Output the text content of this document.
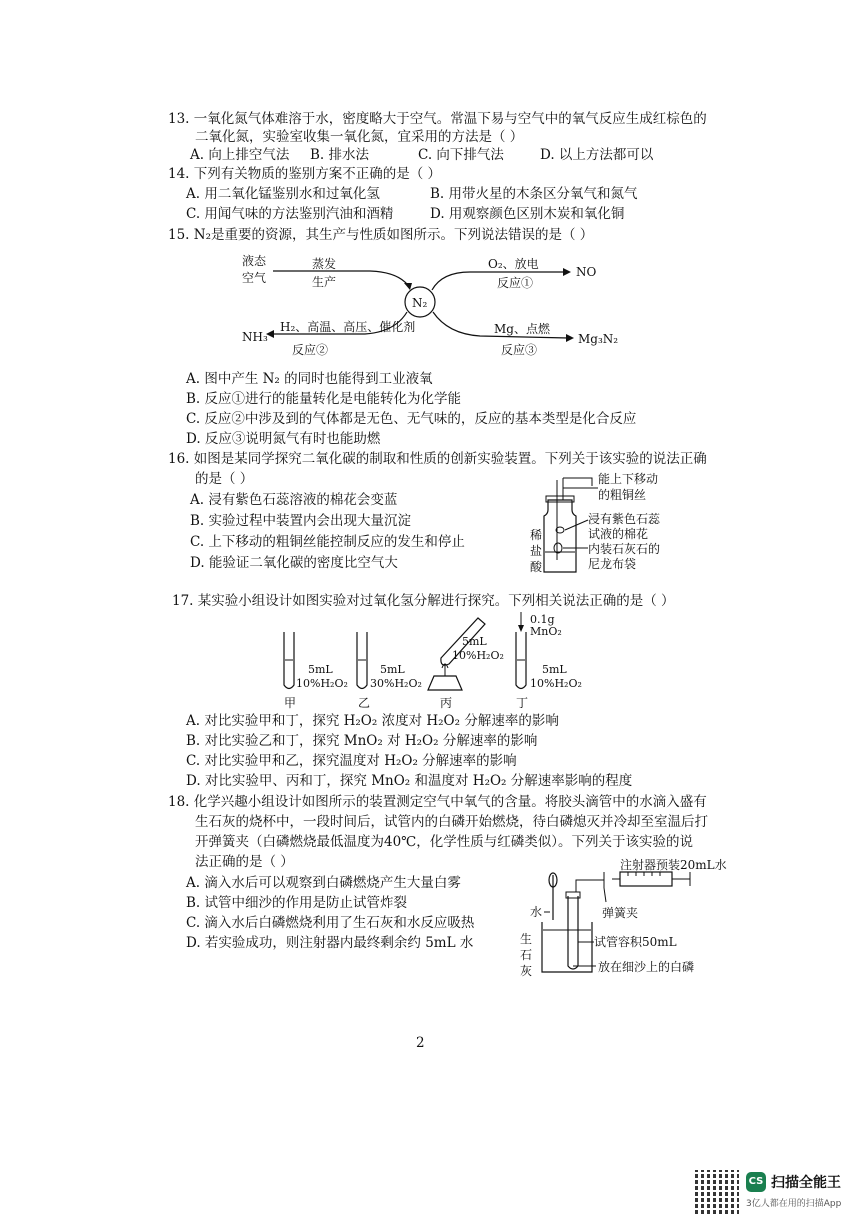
13. 一氧化氮气体难溶于水，密度略大于空气。常温下易与空气中的氧气反应生成红棕色的
二氧化氮，实验室收集一氧化氮，宜采用的方法是（ ）
A. 向上排空气法 B. 排水法	C. 向下排气法	D. 以上方法都可以
14. 下列有关物质的鉴别方案不正确的是（ ）
A. 用二氧化锰鉴别水和过氧化氢	B. 用带火星的木条区分氧气和氮气
C. 用闻气味的方法鉴别汽油和酒精	D. 用观察颜色区别木炭和氧化铜
15. N₂是重要的资源，其生产与性质如图所示。下列说法错误的是（ ）
液态
空气
蒸发
生产
N₂
O₂、放电
反应①
NO
H₂、高温、高压、催化剂
反应②
NH₃
Mg、点燃
反应③
Mg₃N₂
A. 图中产生 N₂ 的同时也能得到工业液氧
B. 反应①进行的能量转化是电能转化为化学能
C. 反应②中涉及到的气体都是无色、无气味的，反应的基本类型是化合反应
D. 反应③说明氮气有时也能助燃
16. 如图是某同学探究二氧化碳的制取和性质的创新实验装置。下列关于该实验的说法正确
的是（ ）
A. 浸有紫色石蕊溶液的棉花会变蓝
B. 实验过程中装置内会出现大量沉淀
C. 上下移动的粗铜丝能控制反应的发生和停止
D. 能验证二氧化碳的密度比空气大
能上下移动
的粗铜丝
浸有紫色石蕊
试液的棉花
内装石灰石的
尼龙布袋
稀
盐
酸
17. 某实验小组设计如图实验对过氧化氢分解进行探究。下列相关说法正确的是（ ）
5mL
10%H₂O₂
甲
5mL
30%H₂O₂
乙
5mL
10%H₂O₂
丙
0.1g
MnO₂
5mL
10%H₂O₂
丁
A. 对比实验甲和丁，探究 H₂O₂ 浓度对 H₂O₂ 分解速率的影响
B. 对比实验乙和丁，探究 MnO₂ 对 H₂O₂ 分解速率的影响
C. 对比实验甲和乙，探究温度对 H₂O₂ 分解速率的影响
D. 对比实验甲、丙和丁，探究 MnO₂ 和温度对 H₂O₂ 分解速率影响的程度
18. 化学兴趣小组设计如图所示的装置测定空气中氧气的含量。将胶头滴管中的水滴入盛有
生石灰的烧杯中，一段时间后，试管内的白磷开始燃烧，待白磷熄灭并冷却至室温后打
开弹簧夹（白磷燃烧最低温度为40℃，化学性质与红磷类似）。下列关于该实验的说
法正确的是（ ）
A. 滴入水后可以观察到白磷燃烧产生大量白雾
B. 试管中细沙的作用是防止试管炸裂
C. 滴入水后白磷燃烧利用了生石灰和水反应吸热
D. 若实验成功，则注射器内最终剩余约 5mL 水
注射器预装20mL水
水	弹簧夹
生
石
灰
试管容积50mL
放在细沙上的白磷
2
CS 扫描全能王
3亿人都在用的扫描App
